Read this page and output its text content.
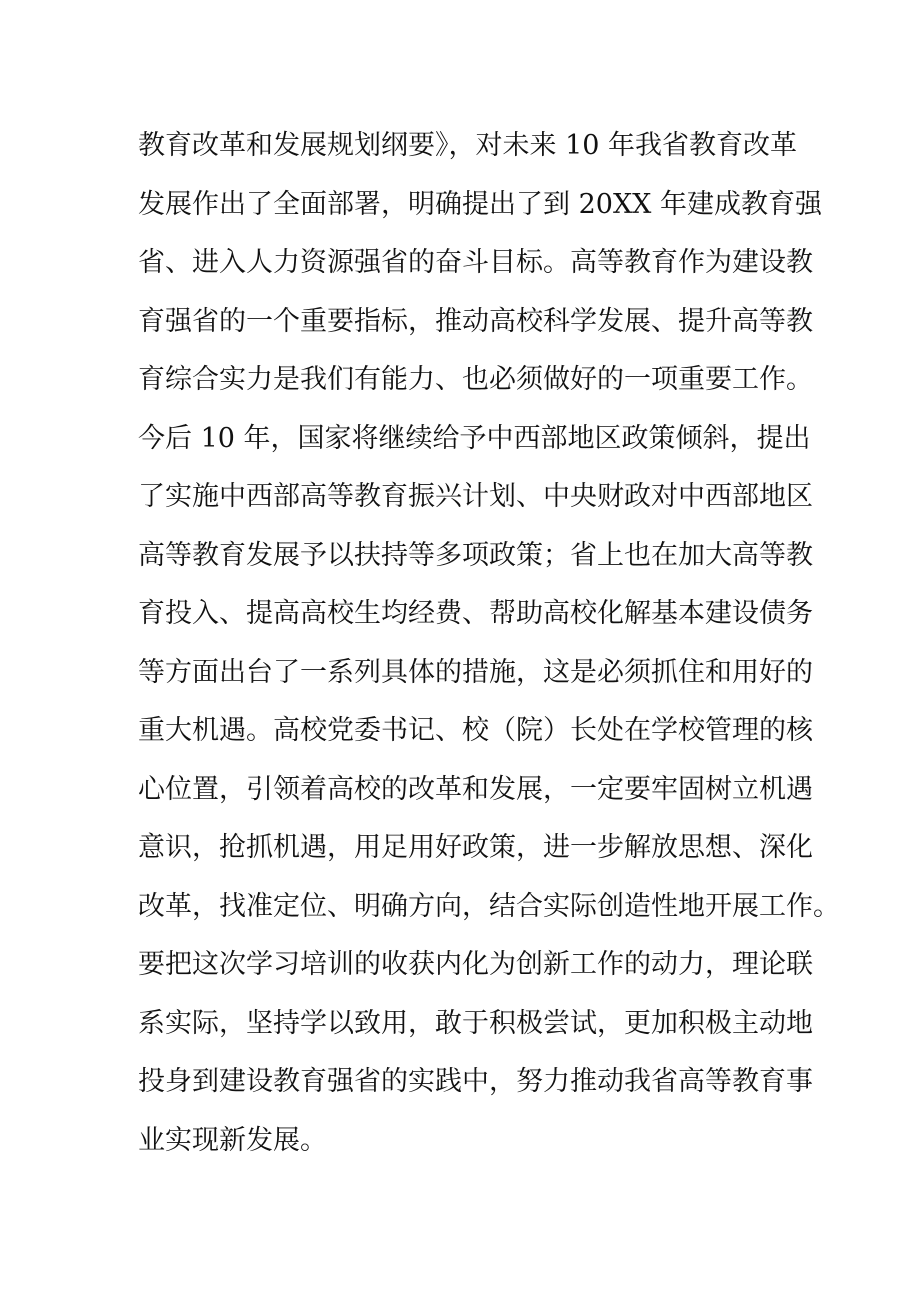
教育改革和发展规划纲要》，对未来 10 年我省教育改革
发展作出了全面部署，明确提出了到 20XX 年建成教育强
省、进入人力资源强省的奋斗目标。高等教育作为建设教
育强省的一个重要指标，推动高校科学发展、提升高等教
育综合实力是我们有能力、也必须做好的一项重要工作。
今后 10 年，国家将继续给予中西部地区政策倾斜，提出
了实施中西部高等教育振兴计划、中央财政对中西部地区
高等教育发展予以扶持等多项政策；省上也在加大高等教
育投入、提高高校生均经费、帮助高校化解基本建设债务
等方面出台了一系列具体的措施，这是必须抓住和用好的
重大机遇。高校党委书记、校（院）长处在学校管理的核
心位置，引领着高校的改革和发展，一定要牢固树立机遇
意识，抢抓机遇，用足用好政策，进一步解放思想、深化
改革，找准定位、明确方向，结合实际创造性地开展工作。
要把这次学习培训的收获内化为创新工作的动力，理论联
系实际，坚持学以致用，敢于积极尝试，更加积极主动地
投身到建设教育强省的实践中，努力推动我省高等教育事
业实现新发展。
